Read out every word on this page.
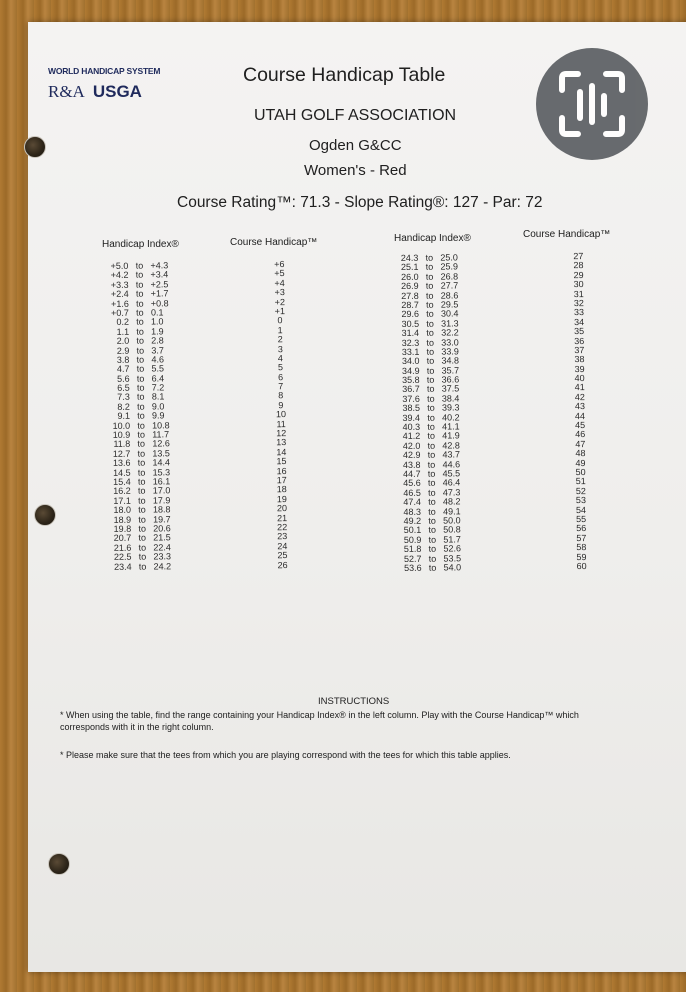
WORLD HANDICAP SYSTEM
R&A USGA
Course Handicap Table
UTAH GOLF ASSOCIATION
Ogden G&CC
Women's - Red
Course Rating™: 71.3 - Slope Rating®: 127 - Par: 72
Handicap Index®	Course Handicap™	Handicap Index®	Course Handicap™
+5.0 to +4.3	+6
+4.2 to +3.4	+5
+3.3 to +2.5	+4
+2.4 to +1.7	+3
+1.6 to +0.8	+2
+0.7 to 0.1	+1
0.2 to 1.0	0
1.1 to 1.9	1
2.0 to 2.8	2
2.9 to 3.7	3
3.8 to 4.6	4
4.7 to 5.5	5
5.6 to 6.4	6
6.5 to 7.2	7
7.3 to 8.1	8
8.2 to 9.0	9
9.1 to 9.9	10
10.0 to 10.8	11
10.9 to 11.7	12
11.8 to 12.6	13
12.7 to 13.5	14
13.6 to 14.4	15
14.5 to 15.3	16
15.4 to 16.1	17
16.2 to 17.0	18
17.1 to 17.9	19
18.0 to 18.8	20
18.9 to 19.7	21
19.8 to 20.6	22
20.7 to 21.5	23
21.6 to 22.4	24
22.5 to 23.3	25
23.4 to 24.2	26
24.3 to 25.0	27
25.1 to 25.9	28
26.0 to 26.8	29
26.9 to 27.7	30
27.8 to 28.6	31
28.7 to 29.5	32
29.6 to 30.4	33
30.5 to 31.3	34
31.4 to 32.2	35
32.3 to 33.0	36
33.1 to 33.9	37
34.0 to 34.8	38
34.9 to 35.7	39
35.8 to 36.6	40
36.7 to 37.5	41
37.6 to 38.4	42
38.5 to 39.3	43
39.4 to 40.2	44
40.3 to 41.1	45
41.2 to 41.9	46
42.0 to 42.8	47
42.9 to 43.7	48
43.8 to 44.6	49
44.7 to 45.5	50
45.6 to 46.4	51
46.5 to 47.3	52
47.4 to 48.2	53
48.3 to 49.1	54
49.2 to 50.0	55
50.1 to 50.8	56
50.9 to 51.7	57
51.8 to 52.6	58
52.7 to 53.5	59
53.6 to 54.0	60
INSTRUCTIONS
* When using the table, find the range containing your Handicap Index® in the left column. Play with the Course Handicap™ which
corresponds with it in the right column.
* Please make sure that the tees from which you are playing correspond with the tees for which this table applies.
